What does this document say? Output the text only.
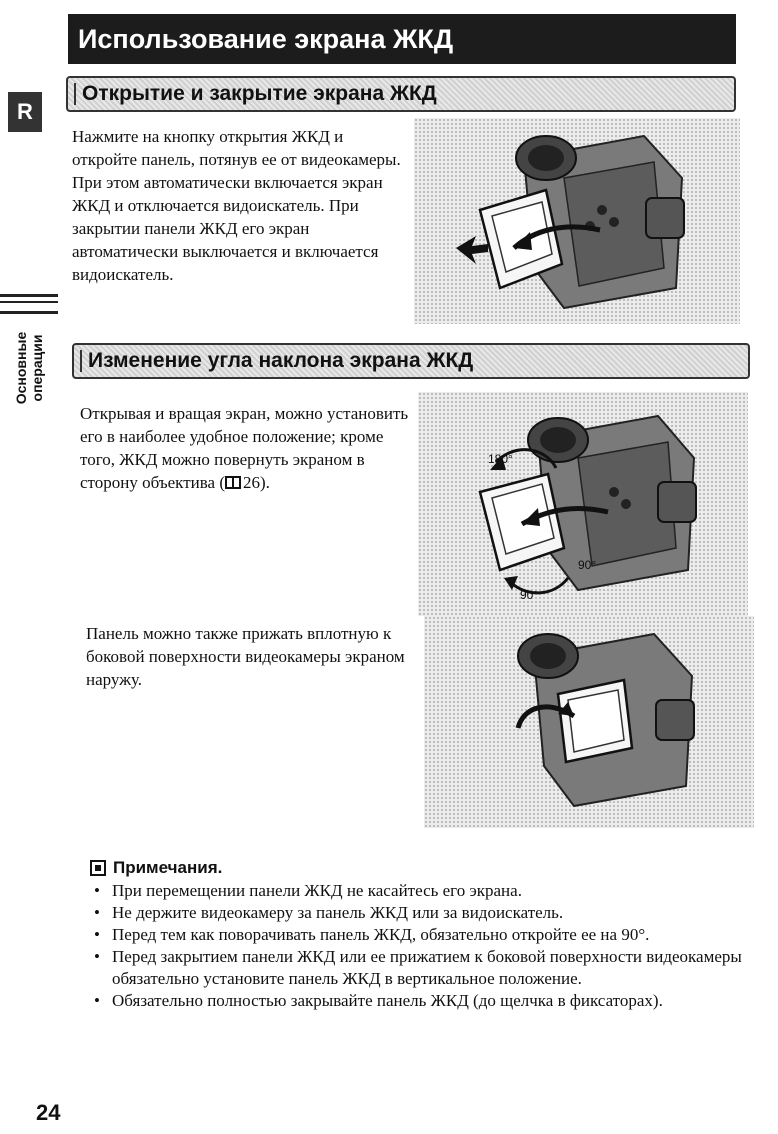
Использование экрана ЖКД
R
Основные операции
Открытие и закрытие экрана ЖКД

Нажмите на кнопку открытия ЖКД и откройте панель, потянув ее от видеокамеры. При этом автоматически включается экран ЖКД и отключается видоискатель. При закрытии панели ЖКД его экран автоматически выключается и включается видоискатель.

Изменение угла наклона экрана ЖКД

Открывая и вращая экран, можно установить его в наиболее удобное положение; кроме того, ЖКД можно повернуть экраном в сторону объектива ( 26).

180°
90°
90°

Панель можно также прижать вплотную к боковой поверхности видеокамеры экраном наружу.

Примечания.
• При перемещении панели ЖКД не касайтесь его экрана.
• Не держите видеокамеру за панель ЖКД или за видоискатель.
• Перед тем как поворачивать панель ЖКД, обязательно откройте ее на 90°.
• Перед закрытием панели ЖКД или ее прижатием к боковой поверхности видеокамеры обязательно установите панель ЖКД в вертикальное положение.
• Обязательно полностью закрывайте панель ЖКД (до щелчка в фиксаторах).
24
